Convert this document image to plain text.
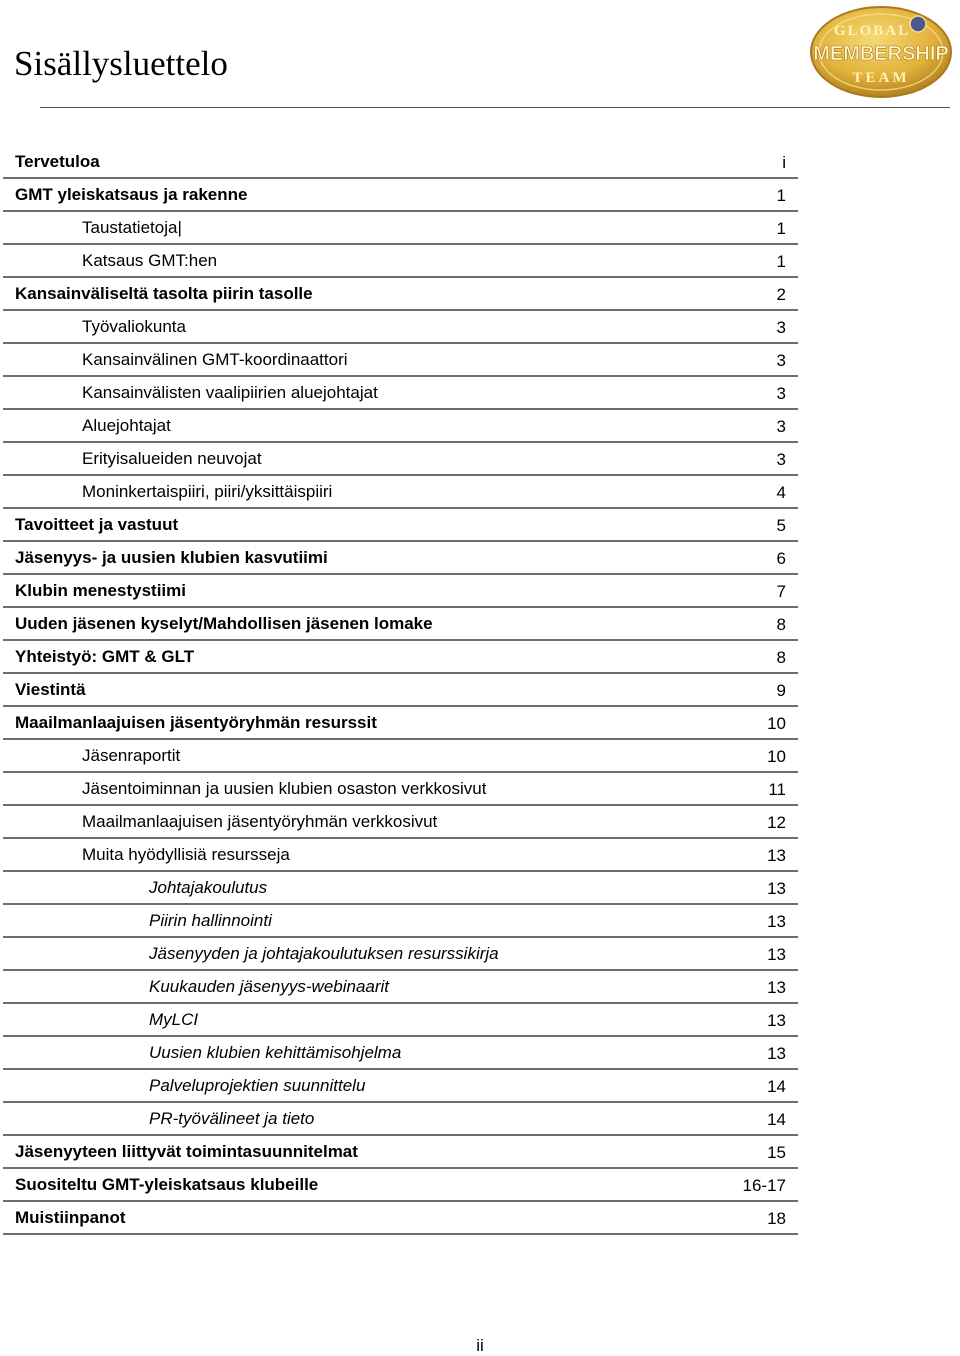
Sisällysluettelo
GLOBAL
MEMBERSHIP
TEAM
Tervetuloa	i
GMT yleiskatsaus ja rakenne	1
Taustatietoja|	1
Katsaus GMT:hen	1
Kansainväliseltä tasolta piirin tasolle	2
Työvaliokunta	3
Kansainvälinen GMT-koordinaattori	3
Kansainvälisten vaalipiirien aluejohtajat	3
Aluejohtajat	3
Erityisalueiden neuvojat	3
Moninkertaispiiri, piiri/yksittäispiiri	4
Tavoitteet ja vastuut	5
Jäsenyys- ja uusien klubien kasvutiimi	6
Klubin menestystiimi	7
Uuden jäsenen kyselyt/Mahdollisen jäsenen lomake	8
Yhteistyö: GMT & GLT	8
Viestintä	9
Maailmanlaajuisen jäsentyöryhmän resurssit	10
Jäsenraportit	10
Jäsentoiminnan ja uusien klubien osaston verkkosivut	11
Maailmanlaajuisen jäsentyöryhmän verkkosivut	12
Muita hyödyllisiä resursseja	13
Johtajakoulutus	13
Piirin hallinnointi	13
Jäsenyyden ja johtajakoulutuksen resurssikirja	13
Kuukauden jäsenyys-webinaarit	13
MyLCI	13
Uusien klubien kehittämisohjelma	13
Palveluprojektien suunnittelu	14
PR-työvälineet ja tieto	14
Jäsenyyteen liittyvät toimintasuunnitelmat	15
Suositeltu GMT-yleiskatsaus klubeille	16-17
Muistiinpanot	18
ii
